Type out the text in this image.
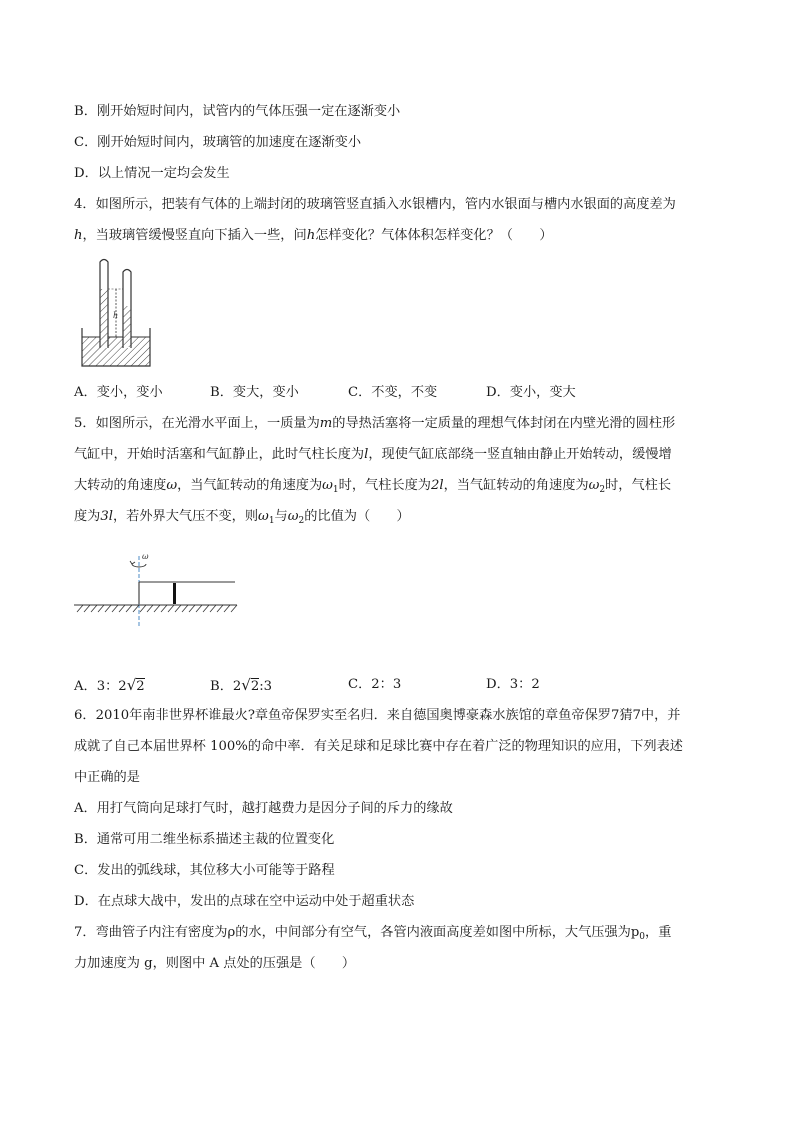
B．刚开始短时间内，试管内的气体压强一定在逐渐变小
C．刚开始短时间内，玻璃管的加速度在逐渐变小
D．以上情况一定均会发生
4．如图所示，把装有气体的上端封闭的玻璃管竖直插入水银槽内，管内水银面与槽内水银面的高度差为
h，当玻璃管缓慢竖直向下插入一些，问h怎样变化？气体体积怎样变化？（　　）
h
A．变小，变小	B．变大，变小	C．不变，不变	D．变小，变大
5．如图所示，在光滑水平面上，一质量为m的导热活塞将一定质量的理想气体封闭在内壁光滑的圆柱形
气缸中，开始时活塞和气缸静止，此时气柱长度为l，现使气缸底部绕一竖直轴由静止开始转动，缓慢增
大转动的角速度ω，当气缸转动的角速度为$\omega_1$时，气柱长度为2l，当气缸转动的角速度为$\omega_2$时，气柱长
度为3l，若外界大气压不变，则$\omega_1$与$\omega_2$的比值为（　　）
ω
A．3：2√2	B．2√2:3	C．2：3	D．3：2
6．2010年南非世界杯谁最火?章鱼帝保罗实至名归．来自德国奥博豪森水族馆的章鱼帝保罗7猜7中，并
成就了自己本届世界杯 100%的命中率．有关足球和足球比赛中存在着广泛的物理知识的应用，下列表述
中正确的是
A．用打气筒向足球打气时，越打越费力是因分子间的斥力的缘故
B．通常可用二维坐标系描述主裁的位置变化
C．发出的弧线球，其位移大小可能等于路程
D．在点球大战中，发出的点球在空中运动中处于超重状态
7．弯曲管子内注有密度为ρ的水，中间部分有空气，各管内液面高度差如图中所标，大气压强为$p_0$，重
力加速度为 g，则图中 A 点处的压强是（　　）
